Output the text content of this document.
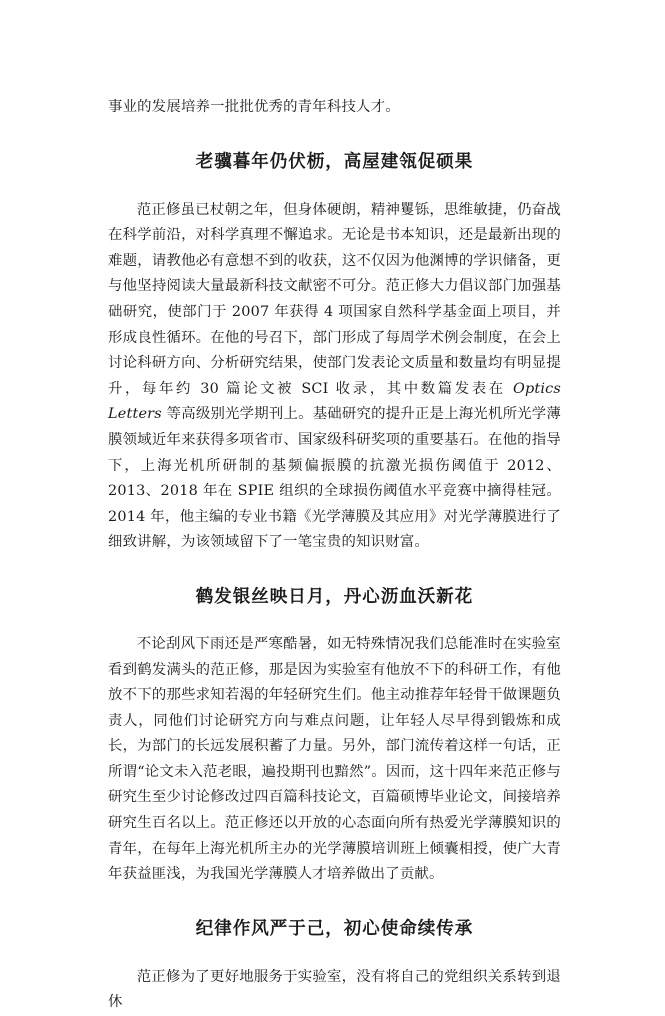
事业的发展培养一批批优秀的青年科技人才。

老骥暮年仍伏枥，高屋建瓴促硕果

范正修虽已杖朝之年，但身体硬朗，精神矍铄，思维敏捷，仍奋战在科学前沿，对科学真理不懈追求。无论是书本知识，还是最新出现的难题，请教他必有意想不到的收获，这不仅因为他渊博的学识储备，更与他坚持阅读大量最新科技文献密不可分。范正修大力倡议部门加强基础研究，使部门于 2007 年获得 4 项国家自然科学基金面上项目，并形成良性循环。在他的号召下，部门形成了每周学术例会制度，在会上讨论科研方向、分析研究结果，使部门发表论文质量和数量均有明显提升，每年约 30 篇论文被 SCI 收录，其中数篇发表在 Optics Letters 等高级别光学期刊上。基础研究的提升正是上海光机所光学薄膜领域近年来获得多项省市、国家级科研奖项的重要基石。在他的指导下，上海光机所研制的基频偏振膜的抗激光损伤阈值于 2012、2013、2018 年在 SPIE 组织的全球损伤阈值水平竞赛中摘得桂冠。2014 年，他主编的专业书籍《光学薄膜及其应用》对光学薄膜进行了细致讲解，为该领域留下了一笔宝贵的知识财富。

鹤发银丝映日月，丹心沥血沃新花

不论刮风下雨还是严寒酷暑，如无特殊情况我们总能准时在实验室看到鹤发满头的范正修，那是因为实验室有他放不下的科研工作，有他放不下的那些求知若渴的年轻研究生们。他主动推荐年轻骨干做课题负责人，同他们讨论研究方向与难点问题，让年轻人尽早得到锻炼和成长，为部门的长远发展积蓄了力量。另外，部门流传着这样一句话，正所谓“论文未入范老眼，遍投期刊也黯然”。因而，这十四年来范正修与研究生至少讨论修改过四百篇科技论文，百篇硕博毕业论文，间接培养研究生百名以上。范正修还以开放的心态面向所有热爱光学薄膜知识的青年，在每年上海光机所主办的光学薄膜培训班上倾囊相授，使广大青年获益匪浅，为我国光学薄膜人才培养做出了贡献。

纪律作风严于己，初心使命续传承

范正修为了更好地服务于实验室，没有将自己的党组织关系转到退休
